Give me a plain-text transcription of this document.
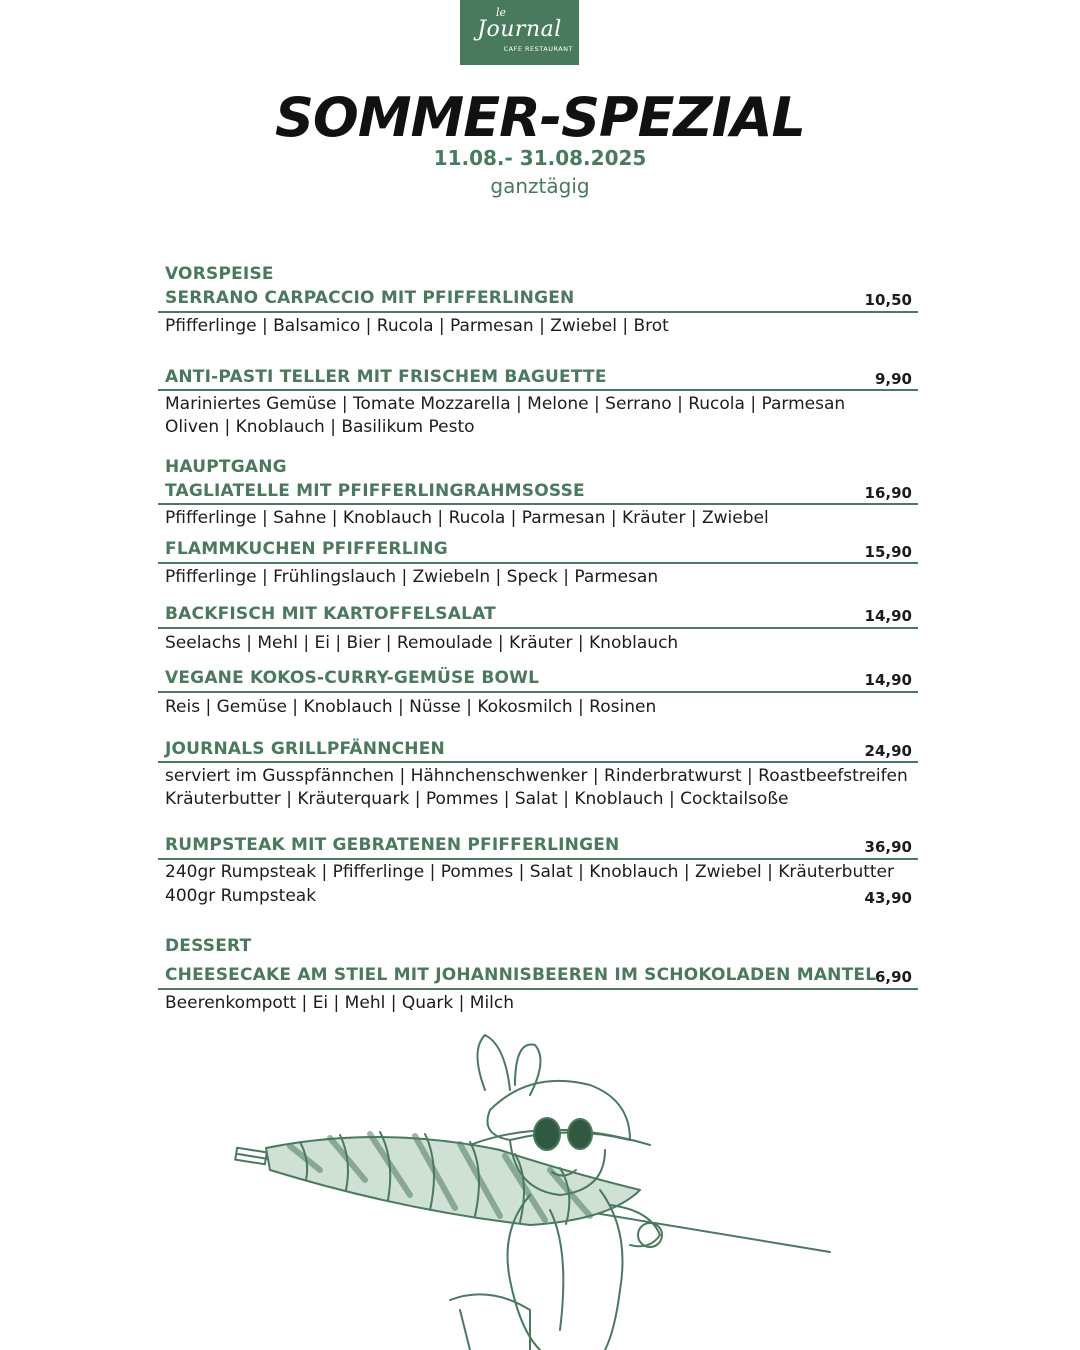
le
Journal
CAFE RESTAURANT
SOMMER-SPEZIAL
11.08.- 31.08.2025
ganztägig
VORSPEISE
SERRANO CARPACCIO MIT PFIFFERLINGEN	10,50
Pfifferlinge | Balsamico | Rucola | Parmesan | Zwiebel | Brot
ANTI-PASTI TELLER MIT FRISCHEM BAGUETTE	9,90
Mariniertes Gemüse | Tomate Mozzarella | Melone | Serrano | Rucola | Parmesan
Oliven | Knoblauch | Basilikum Pesto
HAUPTGANG
TAGLIATELLE MIT PFIFFERLINGRAHMSOSSE	16,90
Pfifferlinge | Sahne | Knoblauch | Rucola | Parmesan | Kräuter | Zwiebel
FLAMMKUCHEN PFIFFERLING	15,90
Pfifferlinge | Frühlingslauch | Zwiebeln | Speck | Parmesan
BACKFISCH MIT KARTOFFELSALAT	14,90
Seelachs | Mehl | Ei | Bier | Remoulade | Kräuter | Knoblauch
VEGANE KOKOS-CURRY-GEMÜSE BOWL	14,90
Reis | Gemüse | Knoblauch | Nüsse | Kokosmilch | Rosinen
JOURNALS GRILLPFÄNNCHEN	24,90
serviert im Gusspfännchen | Hähnchenschwenker | Rinderbratwurst | Roastbeefstreifen
Kräuterbutter | Kräuterquark | Pommes | Salat | Knoblauch | Cocktailsoße
RUMPSTEAK MIT GEBRATENEN PFIFFERLINGEN	36,90
240gr Rumpsteak | Pfifferlinge | Pommes | Salat | Knoblauch | Zwiebel | Kräuterbutter
400gr Rumpsteak	43,90
DESSERT
CHEESECAKE AM STIEL MIT JOHANNISBEEREN IM SCHOKOLADEN MANTEL
6,90
Beerenkompott | Ei | Mehl | Quark | Milch
